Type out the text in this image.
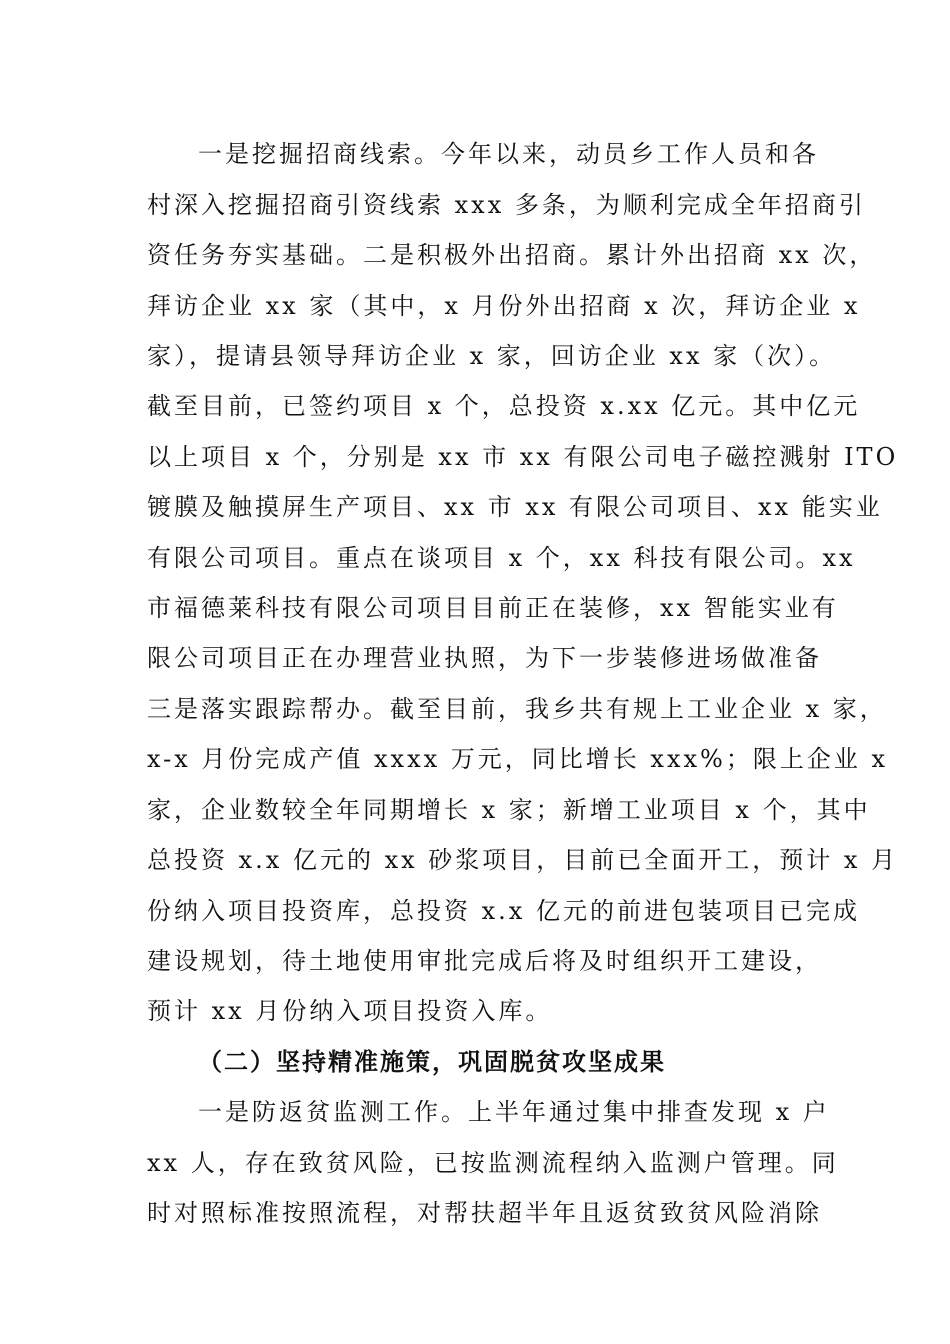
一是挖掘招商线索。今年以来，动员乡工作人员和各
村深入挖掘招商引资线索 xxx 多条，为顺利完成全年招商引
资任务夯实基础。二是积极外出招商。累计外出招商 xx 次，
拜访企业 xx 家（其中，x 月份外出招商 x 次，拜访企业 x
家），提请县领导拜访企业 x 家，回访企业 xx 家（次）。
截至目前，已签约项目 x 个，总投资 x.xx 亿元。其中亿元
以上项目 x 个，分别是 xx 市 xx 有限公司电子磁控溅射 ITO
镀膜及触摸屏生产项目、xx 市 xx 有限公司项目、xx 能实业
有限公司项目。重点在谈项目 x 个，xx 科技有限公司。xx
市福德莱科技有限公司项目目前正在装修，xx 智能实业有
限公司项目正在办理营业执照，为下一步装修进场做准备
三是落实跟踪帮办。截至目前，我乡共有规上工业企业 x 家，
x-x 月份完成产值 xxxx 万元，同比增长 xxx%；限上企业 x
家，企业数较全年同期增长 x 家；新增工业项目 x 个，其中
总投资 x.x 亿元的 xx 砂浆项目，目前已全面开工，预计 x 月
份纳入项目投资库，总投资 x.x 亿元的前进包装项目已完成
建设规划，待土地使用审批完成后将及时组织开工建设，
预计 xx 月份纳入项目投资入库。
（二）坚持精准施策，巩固脱贫攻坚成果
一是防返贫监测工作。上半年通过集中排查发现 x 户
xx 人，存在致贫风险，已按监测流程纳入监测户管理。同
时对照标准按照流程，对帮扶超半年且返贫致贫风险消除
